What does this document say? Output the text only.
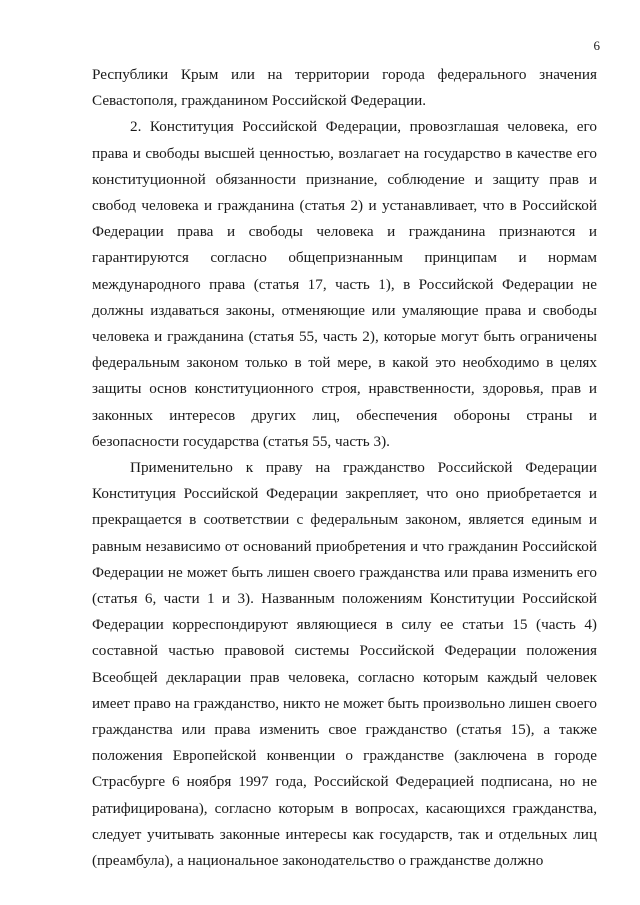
6

Республики Крым или на территории города федерального значения Севастополя, гражданином Российской Федерации.

2. Конституция Российской Федерации, провозглашая человека, его права и свободы высшей ценностью, возлагает на государство в качестве его конституционной обязанности признание, соблюдение и защиту прав и свобод человека и гражданина (статья 2) и устанавливает, что в Российской Федерации права и свободы человека и гражданина признаются и гарантируются согласно общепризнанным принципам и нормам международного права (статья 17, часть 1), в Российской Федерации не должны издаваться законы, отменяющие или умаляющие права и свободы человека и гражданина (статья 55, часть 2), которые могут быть ограничены федеральным законом только в той мере, в какой это необходимо в целях защиты основ конституционного строя, нравственности, здоровья, прав и законных интересов других лиц, обеспечения обороны страны и безопасности государства (статья 55, часть 3).

Применительно к праву на гражданство Российской Федерации Конституция Российской Федерации закрепляет, что оно приобретается и прекращается в соответствии с федеральным законом, является единым и равным независимо от оснований приобретения и что гражданин Российской Федерации не может быть лишен своего гражданства или права изменить его (статья 6, части 1 и 3). Названным положениям Конституции Российской Федерации корреспондируют являющиеся в силу ее статьи 15 (часть 4) составной частью правовой системы Российской Федерации положения Всеобщей декларации прав человека, согласно которым каждый человек имеет право на гражданство, никто не может быть произвольно лишен своего гражданства или права изменить свое гражданство (статья 15), а также положения Европейской конвенции о гражданстве (заключена в городе Страсбурге 6 ноября 1997 года, Российской Федерацией подписана, но не ратифицирована), согласно которым в вопросах, касающихся гражданства, следует учитывать законные интересы как государств, так и отдельных лиц (преамбула), а национальное законодательство о гражданстве должно
